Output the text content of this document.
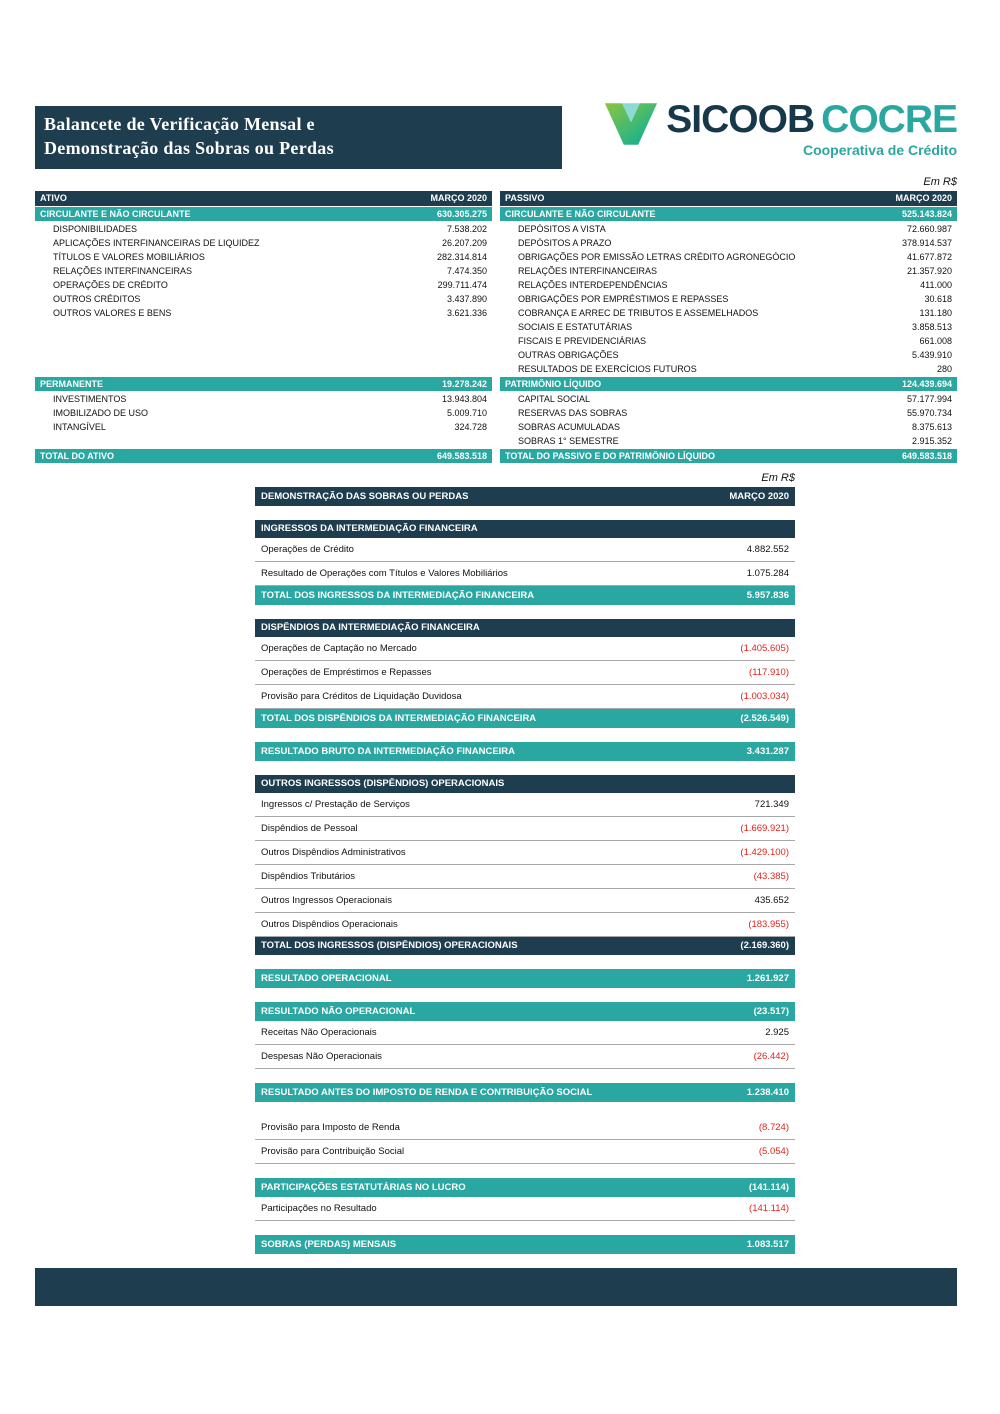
Balancete de Verificação Mensal e
Demonstração das Sobras ou Perdas
SICOOB COCRE
Cooperativa de Crédito
Em R$
ATIVO	MARÇO 2020
CIRCULANTE E NÃO CIRCULANTE	630.305.275
DISPONIBILIDADES	7.538.202
APLICAÇÕES INTERFINANCEIRAS DE LIQUIDEZ	26.207.209
TÍTULOS E VALORES MOBILIÁRIOS	282.314.814
RELAÇÕES INTERFINANCEIRAS	7.474.350
OPERAÇÕES DE CRÉDITO	299.711.474
OUTROS CRÉDITOS	3.437.890
OUTROS VALORES E BENS	3.621.336
PERMANENTE	19.278.242
INVESTIMENTOS	13.943.804
IMOBILIZADO DE USO	5.009.710
INTANGÍVEL	324.728
TOTAL DO ATIVO	649.583.518
PASSIVO	MARÇO 2020
CIRCULANTE E NÃO CIRCULANTE	525.143.824
DEPÓSITOS A VISTA	72.660.987
DEPÓSITOS A PRAZO	378.914.537
OBRIGAÇÕES POR EMISSÃO LETRAS CRÉDITO AGRONEGÓCIO	41.677.872
RELAÇÕES INTERFINANCEIRAS	21.357.920
RELAÇÕES INTERDEPENDÊNCIAS	411.000
OBRIGAÇÕES POR EMPRÉSTIMOS E REPASSES	30.618
COBRANÇA E ARREC DE TRIBUTOS E ASSEMELHADOS	131.180
SOCIAIS E ESTATUTÁRIAS	3.858.513
FISCAIS E PREVIDENCIÁRIAS	661.008
OUTRAS OBRIGAÇÕES	5.439.910
RESULTADOS DE EXERCÍCIOS FUTUROS	280
PATRIMÔNIO LÍQUIDO	124.439.694
CAPITAL SOCIAL	57.177.994
RESERVAS DAS SOBRAS	55.970.734
SOBRAS ACUMULADAS	8.375.613
SOBRAS 1° SEMESTRE	2.915.352
TOTAL DO PASSIVO E DO PATRIMÔNIO LÍQUIDO	649.583.518
Em R$
DEMONSTRAÇÃO DAS SOBRAS OU PERDAS	MARÇO 2020
INGRESSOS DA INTERMEDIAÇÃO FINANCEIRA
Operações de Crédito	4.882.552
Resultado de Operações com Títulos e Valores Mobiliários	1.075.284
TOTAL DOS INGRESSOS DA INTERMEDIAÇÃO FINANCEIRA	5.957.836
DISPÊNDIOS DA INTERMEDIAÇÃO FINANCEIRA
Operações de Captação no Mercado	(1.405.605)
Operações de Empréstimos e Repasses	(117.910)
Provisão para Créditos de Liquidação Duvidosa	(1.003.034)
TOTAL DOS DISPÊNDIOS DA INTERMEDIAÇÃO FINANCEIRA	(2.526.549)
RESULTADO BRUTO DA INTERMEDIAÇÃO FINANCEIRA	3.431.287
OUTROS INGRESSOS (DISPÊNDIOS) OPERACIONAIS
Ingressos c/ Prestação de Serviços	721.349
Dispêndios de Pessoal	(1.669.921)
Outros Dispêndios Administrativos	(1.429.100)
Dispêndios Tributários	(43.385)
Outros Ingressos Operacionais	435.652
Outros Dispêndios Operacionais	(183.955)
TOTAL DOS INGRESSOS (DISPÊNDIOS) OPERACIONAIS	(2.169.360)
RESULTADO OPERACIONAL	1.261.927
RESULTADO NÃO OPERACIONAL	(23.517)
Receitas Não Operacionais	2.925
Despesas Não Operacionais	(26.442)
RESULTADO ANTES DO IMPOSTO DE RENDA E CONTRIBUIÇÃO SOCIAL	1.238.410
Provisão para Imposto de Renda	(8.724)
Provisão para Contribuição Social	(5.054)
PARTICIPAÇÕES ESTATUTÁRIAS NO LUCRO	(141.114)
Participações no Resultado	(141.114)
SOBRAS (PERDAS) MENSAIS	1.083.517
